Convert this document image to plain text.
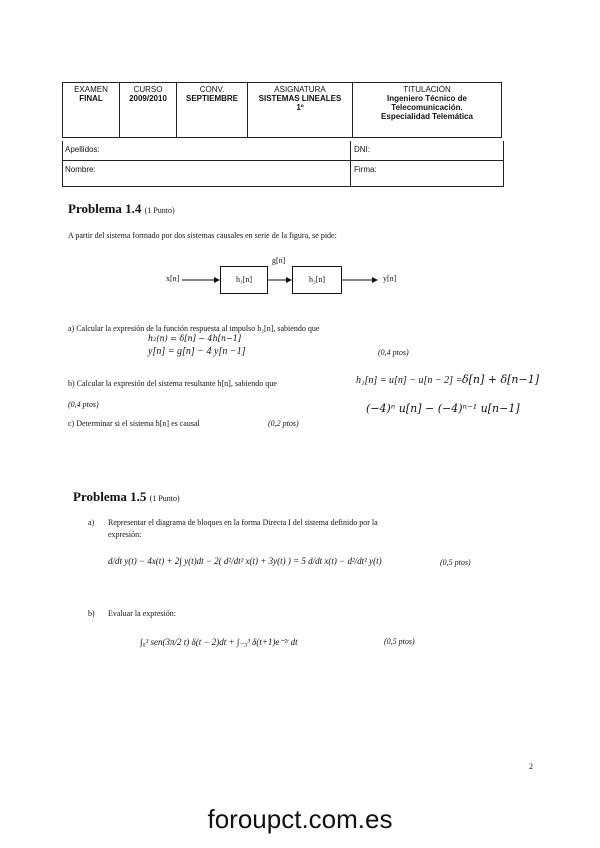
EXAMEN
FINAL

CURSO
2009/2010

CONV.
SEPTIEMBRE

ASIGNATURA
SISTEMAS LINEALES
1º

TITULACIÓN
Ingeniero Técnico de
Telecomunicación.
Especialidad Telemática
Apellidos:	DNI:
Nombre:	Firma:
Problema 1.4 (1 Punto)
A partir del sistema formado por dos sistemas causales en serie de la figura, se pide:
x[n]	h₁[n]
g[n]
h₂[n]	y[n]
a) Calcular la expresión de la función respuesta al impulso h₂[n], sabiendo que
h₂(n) = δ[n] − 4h[n−1]
y[n] = g[n] − 4 y[n −1]	(0,4 ptos)
b) Calcular la expresión del sistema resultante h[n], sabiendo que	h₁[n] = u[n] − u[n − 2] = δ[n] + δ[n−1]
(0,4 ptos)	(−4)ⁿ u[n] − (−4)ⁿ⁻¹ u[n−1]
c) Determinar si el sistema h[n] es causal	(0,2 ptos)
Problema 1.5 (1 Punto)
a) Representar el diagrama de bloques en la forma Directa I del sistema definido por la
expresión:
d/dt y(t) − 4x(t) + 2∫ y(t)dt − 2( d²/dt² x(t) + 3y(t) ) = 5 d/dt x(t) − d²/dt² y(t)	(0,5 ptos)
b) Evaluar la expresión:
∫₀³ sen(3π/2 t) δ(t − 2)dt + ∫₋₃³ δ(t+1)e⁻²ᵗ dt	(0,5 ptos)
2
foroupct.com.es
